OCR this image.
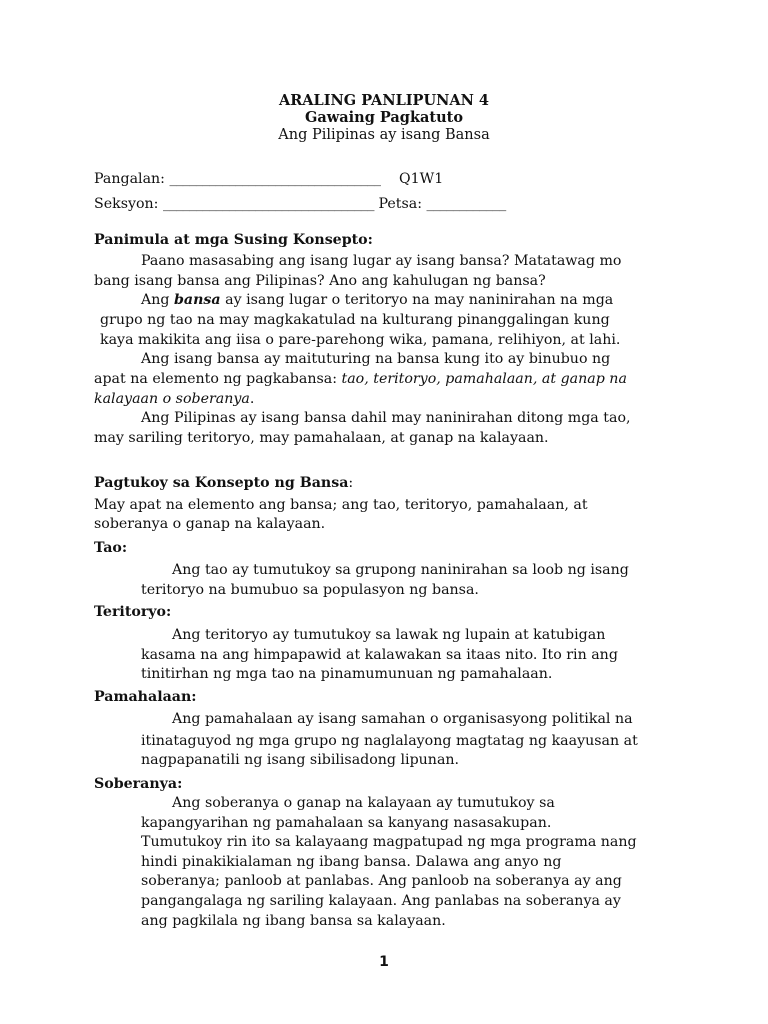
ARALING PANLIPUNAN 4
Gawaing Pagkatuto
Ang Pilipinas ay isang Bansa
Pangalan: ________________________________ Q1W1
Seksyon: ________________________________ Petsa: ____________
Panimula at mga Susing Konsepto:
Paano masasabing ang isang lugar ay isang bansa? Matatawag mo
bang isang bansa ang Pilipinas? Ano ang kahulugan ng bansa?
Ang bansa ay isang lugar o teritoryo na may naninirahan na mga
grupo ng tao na may magkakatulad na kulturang pinanggalingan kung
kaya makikita ang iisa o pare-parehong wika, pamana, relihiyon, at lahi.
Ang isang bansa ay maituturing na bansa kung ito ay binubuo ng
apat na elemento ng pagkabansa: tao, teritoryo, pamahalaan, at ganap na
kalayaan o soberanya.
Ang Pilipinas ay isang bansa dahil may naninirahan ditong mga tao,
may sariling teritoryo, may pamahalaan, at ganap na kalayaan.
Pagtukoy sa Konsepto ng Bansa:
May apat na elemento ang bansa; ang tao, teritoryo, pamahalaan, at
soberanya o ganap na kalayaan.
Tao:
Ang tao ay tumutukoy sa grupong naninirahan sa loob ng isang
teritoryo na bumubuo sa populasyon ng bansa.
Teritoryo:
Ang teritoryo ay tumutukoy sa lawak ng lupain at katubigan
kasama na ang himpapawid at kalawakan sa itaas nito. Ito rin ang
tinitirhan ng mga tao na pinamumunuan ng pamahalaan.
Pamahalaan:
Ang pamahalaan ay isang samahan o organisasyong politikal na
itinataguyod ng mga grupo ng naglalayong magtatag ng kaayusan at
nagpapanatili ng isang sibilisadong lipunan.
Soberanya:
Ang soberanya o ganap na kalayaan ay tumutukoy sa
kapangyarihan ng pamahalaan sa kanyang nasasakupan.
Tumutukoy rin ito sa kalayaang magpatupad ng mga programa nang
hindi pinakikialaman ng ibang bansa. Dalawa ang anyo ng
soberanya; panloob at panlabas. Ang panloob na soberanya ay ang
pangangalaga ng sariling kalayaan. Ang panlabas na soberanya ay
ang pagkilala ng ibang bansa sa kalayaan.
1
